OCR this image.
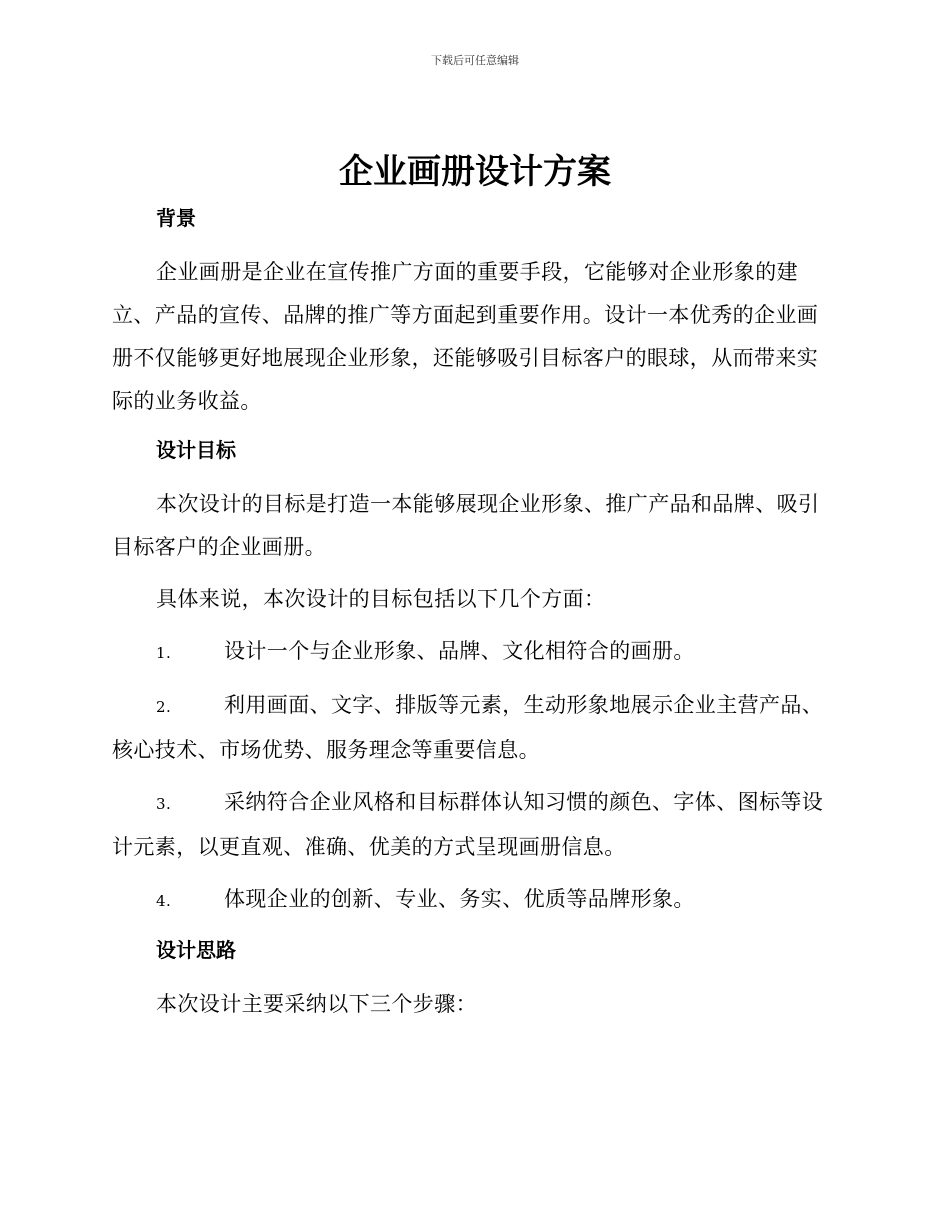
下载后可任意编辑
企业画册设计方案
背景

企业画册是企业在宣传推广方面的重要手段，它能够对企业形象的建立、产品的宣传、品牌的推广等方面起到重要作用。设计一本优秀的企业画册不仅能够更好地展现企业形象，还能够吸引目标客户的眼球，从而带来实际的业务收益。

设计目标

本次设计的目标是打造一本能够展现企业形象、推广产品和品牌、吸引目标客户的企业画册。

具体来说，本次设计的目标包括以下几个方面：

1.	设计一个与企业形象、品牌、文化相符合的画册。
2.	利用画面、文字、排版等元素，生动形象地展示企业主营产品、核心技术、市场优势、服务理念等重要信息。
3.	采纳符合企业风格和目标群体认知习惯的颜色、字体、图标等设计元素，以更直观、准确、优美的方式呈现画册信息。
4.	体现企业的创新、专业、务实、优质等品牌形象。
设计思路

本次设计主要采纳以下三个步骤：
